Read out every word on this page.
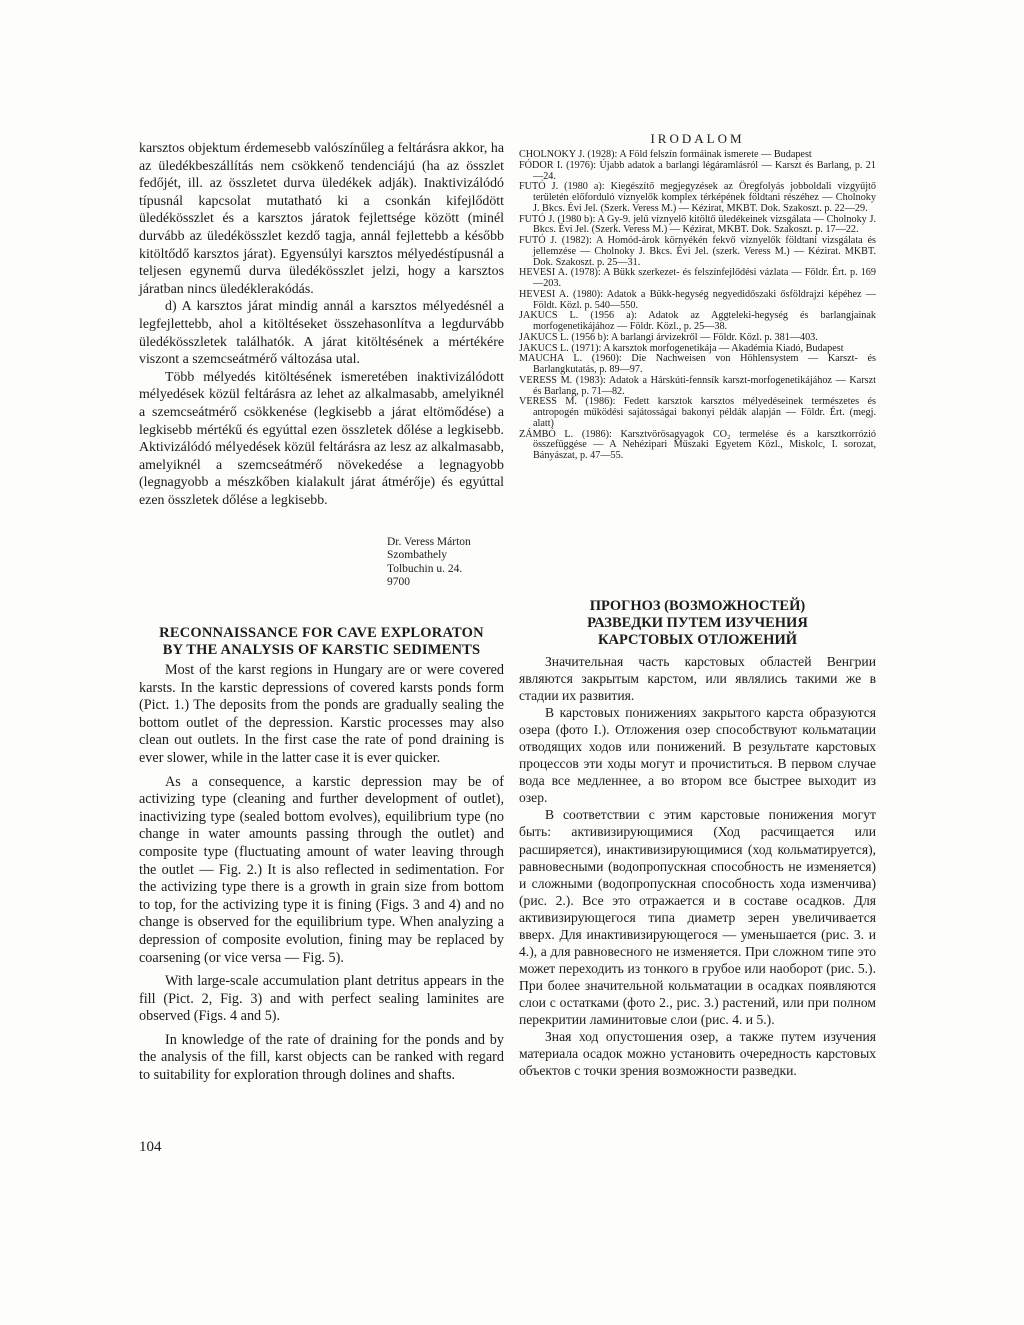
karsztos objektum érdemesebb valószínűleg a feltárásra akkor, ha az üledékbeszállítás nem csökkenő tendenciájú (ha az összlet fedőjét, ill. az összletet durva üledékek adják). Inaktivizálódó típusnál kapcsolat mutatható ki a csonkán kifejlődött üledékösszlet és a karsztos járatok fejlettsége között (minél durvább az üledékösszlet kezdő tagja, annál fejlettebb a később kitöltődő karsztos járat). Egyensúlyi karsztos mélyedéstípusnál a teljesen egynemű durva üledékösszlet jelzi, hogy a karsztos járatban nincs üledéklerakódás.

d) A karsztos járat mindig annál a karsztos mélyedésnél a legfejlettebb, ahol a kitöltéseket összehasonlítva a legdurvább üledékösszletek találhatók. A járat kitöltésének a mértékére viszont a szemcseátmérő változása utal.

Több mélyedés kitöltésének ismeretében inaktivizálódott mélyedések közül feltárásra az lehet az alkalmasabb, amelyiknél a szemcseátmérő csökkenése (legkisebb a járat eltömődése) a legkisebb mértékű és egyúttal ezen összletek dőlése a legkisebb. Aktivizálódó mélyedések közül feltárásra az lesz az alkalmasabb, amelyiknél a szemcseátmérő növekedése a legnagyobb (legnagyobb a mészkőben kialakult járat átmérője) és egyúttal ezen összletek dőlése a legkisebb.

Dr. Veress Márton
Szombathely
Tolbuchin u. 24.
9700
RECONNAISSANCE FOR CAVE EXPLORATON
BY THE ANALYSIS OF KARSTIC SEDIMENTS

Most of the karst regions in Hungary are or were covered karsts. In the karstic depressions of covered karsts ponds form (Pict. 1.) The deposits from the ponds are gradually sealing the bottom outlet of the depression. Karstic processes may also clean out outlets. In the first case the rate of pond draining is ever slower, while in the latter case it is ever quicker.

As a consequence, a karstic depression may be of activizing type (cleaning and further development of outlet), inactivizing type (sealed bottom evolves), equilibrium type (no change in water amounts passing through the outlet) and composite type (fluctuating amount of water leaving through the outlet — Fig. 2.) It is also reflected in sedimentation. For the activizing type there is a growth in grain size from bottom to top, for the activizing type it is fining (Figs. 3 and 4) and no change is observed for the equilibrium type. When analyzing a depression of composite evolution, fining may be replaced by coarsening (or vice versa — Fig. 5).

With large-scale accumulation plant detritus appears in the fill (Pict. 2, Fig. 3) and with perfect sealing laminites are observed (Figs. 4 and 5).

In knowledge of the rate of draining for the ponds and by the analysis of the fill, karst objects can be ranked with regard to suitability for exploration through dolines and shafts.

104
IRODALOM

CHOLNOKY J. (1928): A Föld felszín formáinak ismerete — Budapest

FÓDOR I. (1976): Újabb adatok a barlangi légáramlásról — Karszt és Barlang, p. 21—24.

FUTÓ J. (1980 a): Kiegészítő megjegyzések az Öregfolyás jobboldali vízgyűjtő területén előforduló víznyelők komplex térképének földtani részéhez — Cholnoky J. Bkcs. Évi Jel. (Szerk. Veress M.) — Kézirat, MKBT. Dok. Szakoszt. p. 22—29.

FUTÓ J. (1980 b): A Gy-9. jelű víznyelő kitöltő üledékeinek vizsgálata — Cholnoky J. Bkcs. Évi Jel. (Szerk. Veress M.) — Kézirat, MKBT. Dok. Szakoszt. p. 17—22.

FUTÓ J. (1982): A Homód-árok környékén fekvő víznyelők földtani vizsgálata és jellemzése — Cholnoky J. Bkcs. Évi Jel. (szerk. Veress M.) — Kézirat. MKBT. Dok. Szakoszt. p. 25—31.

HEVESI A. (1978): A Bükk szerkezet- és felszínfejlődési vázlata — Földr. Ért. p. 169—203.

HEVESI A. (1980): Adatok a Bükk-hegység negyedidőszaki ősföldrajzi képéhez — Földt. Közl. p. 540—550.

JAKUCS L. (1956 a): Adatok az Aggteleki-hegység és barlangjainak morfogenetikájához — Földr. Közl., p. 25—38.

JAKUCS L. (1956 b): A barlangi árvizekről — Földr. Közl. p. 381—403.

JAKUCS L. (1971): A karsztok morfogenetikája — Akadémia Kiadó, Budapest

MAUCHA L. (1960): Die Nachweisen von Höhlensystem — Karszt- és Barlangkutatás, p. 89—97.

VERESS M. (1983): Adatok a Hárskúti-fennsík karszt-morfogenetikájához — Karszt és Barlang, p. 71—82.

VERESS M. (1986): Fedett karsztok karsztos mélyedéseinek természetes és antropogén működési sajátosságai bakonyi példák alapján — Földr. Ért. (megj. alatt)

ZÁMBÓ L. (1986): Karsztvörösagyagok CO₂ termelése és a karsztkorrózió összefüggése — A Nehézipari Műszaki Egyetem Közl., Miskolc, I. sorozat, Bányászat, p. 47—55.

ПРОГНОЗ (ВОЗМОЖНОСТЕЙ)
РАЗВЕДКИ ПУТЕМ ИЗУЧЕНИЯ
КАРСТОВЫХ ОТЛОЖЕНИЙ

Значительная часть карстовых областей Венгрии являются закрытым карстом, или являлись такими же в стадии их развития.

В карстовых понижениях закрытого карста образуются озера (фото I.). Отложения озер способствуют кольматации отводящих ходов или понижений. В результате карстовых процессов эти ходы могут и прочиститься. В первом случае вода все медленнее, а во втором все быстрее выходит из озер.

В соответствии с этим карстовые понижения могут быть: активизирующимися (Ход расчищается или расширяется), инактивизирующимися (ход кольматируется), равновесными (водопропускная способность не изменяется) и сложными (водопропускная способность хода изменчива) (рис. 2.). Все это отражается и в составе осадков. Для активизирующегося типа диаметр зерен увеличивается вверх. Для инактивизирующегося — уменьшается (рис. 3. и 4.), а для равновесного не изменяется. При сложном типе это может переходить из тонкого в грубое или наоборот (рис. 5.). При более значительной кольматации в осадках появляются слои с остатками (фото 2., рис. 3.) растений, или при полном перекритии ламинитовые слои (рис. 4. и 5.).

Зная ход опустошения озер, а также путем изучения материала осадок можно установить очередность карстовых объектов с точки зрения возможности разведки.
